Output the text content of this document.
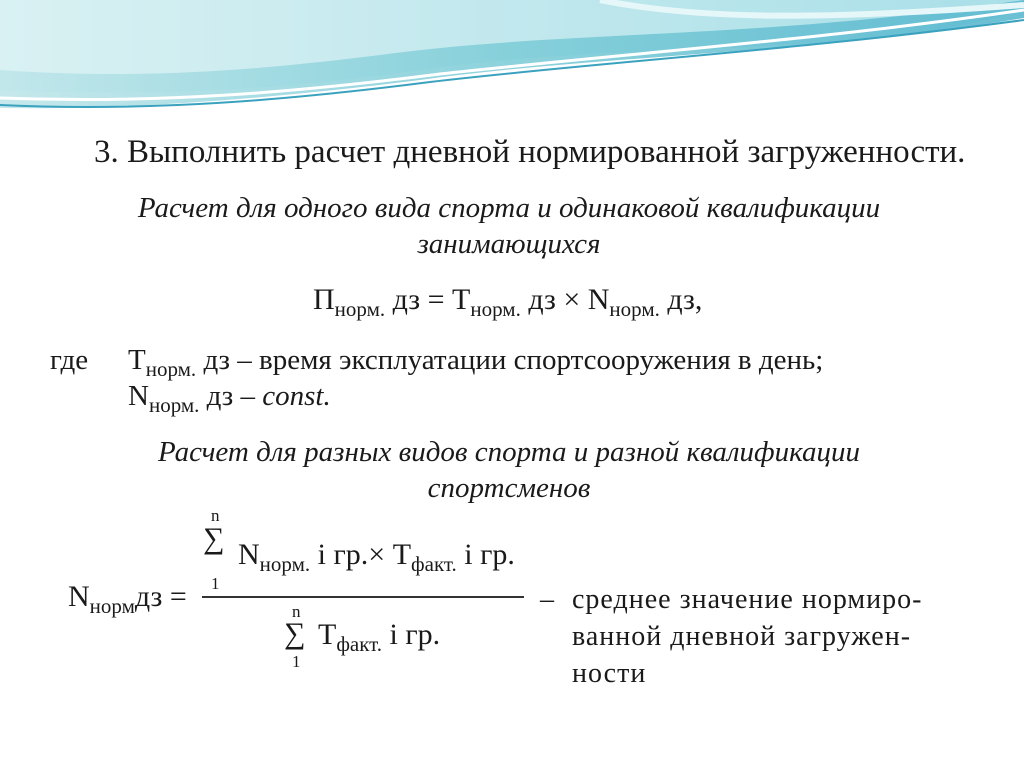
3. Выполнить расчет дневной нормированной загруженности.
Расчет для одного вида спорта и одинаковой квалификации
занимающихся
$П_{норм.}$ дз = $Т_{норм.}$ дз × $N_{норм.}$ дз,
где $Т_{норм.}$ дз – время эксплуатации спортсооружения в день;
$N_{норм.}$ дз – const.
Расчет для разных видов спорта и разной квалификации
спортсменов
$N_{норм}дз$ =
n
∑
1
$N_{норм.}$ i $гр.\times Т_{факт.}$ i гр.
n
∑
1
$Т_{факт.}$ i гр.
– среднее значение нормиро-
ванной дневной загружен-
ности
